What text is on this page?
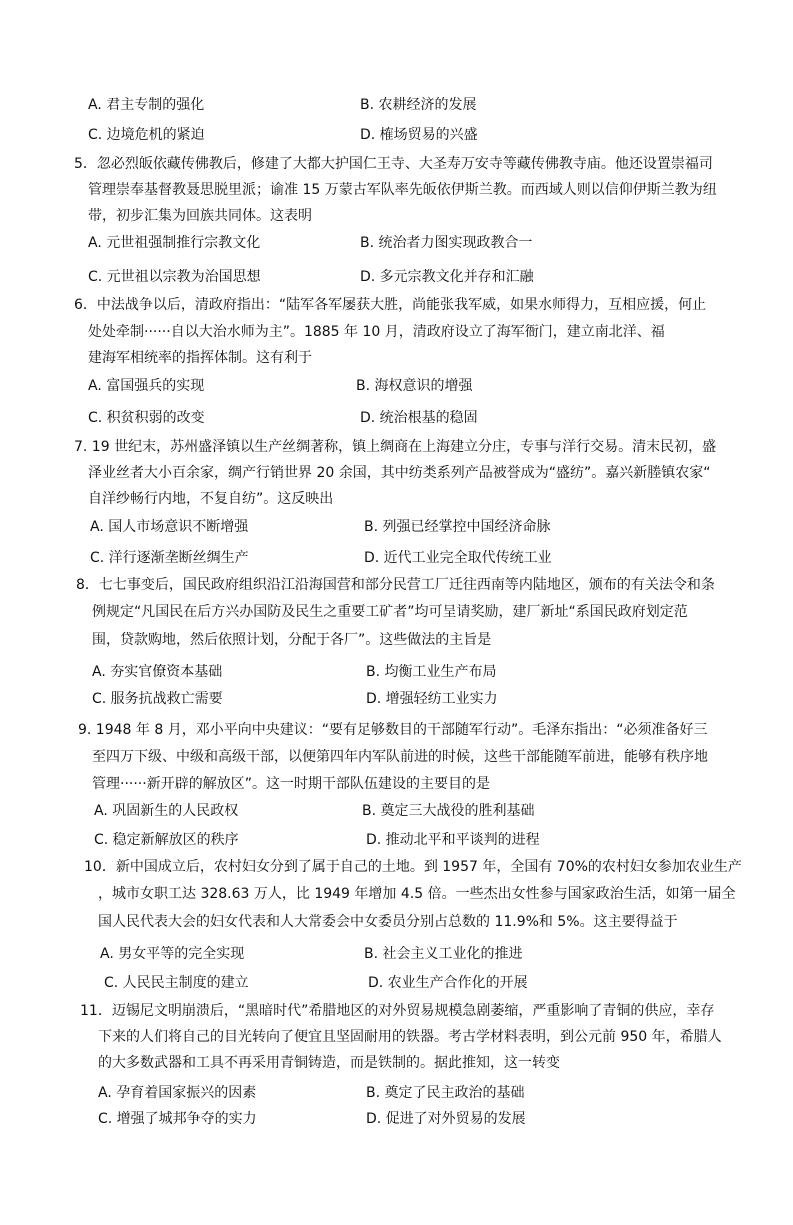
A. 君主专制的强化	B. 农耕经济的发展
C. 边境危机的紧迫	D. 榷场贸易的兴盛
5．忽必烈皈依藏传佛教后，修建了大都大护国仁王寺、大圣寿万安寺等藏传佛教寺庙。他还设置崇福司
管理崇奉基督教聂思脱里派；谕准 15 万蒙古军队率先皈依伊斯兰教。而西域人则以信仰伊斯兰教为纽
带，初步汇集为回族共同体。这表明
A. 元世祖强制推行宗教文化	B. 统治者力图实现政教合一
C. 元世祖以宗教为治国思想	D. 多元宗教文化并存和汇融
6．中法战争以后，清政府指出：“陆军各军屡获大胜，尚能张我军威，如果水师得力，互相应援，何止
处处牵制······自以大治水师为主”。1885 年 10 月，清政府设立了海军衙门，建立南北洋、福
建海军相统率的指挥体制。这有利于
A. 富国强兵的实现	B. 海权意识的增强
C. 积贫积弱的改变	D. 统治根基的稳固
7. 19 世纪末，苏州盛泽镇以生产丝绸著称，镇上绸商在上海建立分庄，专事与洋行交易。清末民初，盛
泽业丝者大小百余家，绸产行销世界 20 余国，其中纺类系列产品被誉成为“盛纺”。嘉兴新塍镇农家“
自洋纱畅行内地，不复自纺”。这反映出
A. 国人市场意识不断增强	B. 列强已经掌控中国经济命脉
C. 洋行逐渐垄断丝绸生产	D. 近代工业完全取代传统工业
8．七七事变后，国民政府组织沿江沿海国营和部分民营工厂迁往西南等内陆地区，颁布的有关法令和条
例规定“凡国民在后方兴办国防及民生之重要工矿者”均可呈请奖励，建厂新址“系国民政府划定范
围，贷款购地，然后依照计划，分配于各厂”。这些做法的主旨是
A. 夯实官僚资本基础	B. 均衡工业生产布局
C. 服务抗战救亡需要	D. 增强轻纺工业实力
9. 1948 年 8 月，邓小平向中央建议：“要有足够数目的干部随军行动”。毛泽东指出：“必须准备好三
至四万下级、中级和高级干部，以便第四年内军队前进的时候，这些干部能随军前进，能够有秩序地
管理······新开辟的解放区”。这一时期干部队伍建设的主要目的是
A. 巩固新生的人民政权	B. 奠定三大战役的胜利基础
C. 稳定新解放区的秩序	D. 推动北平和平谈判的进程
10．新中国成立后，农村妇女分到了属于自己的土地。到 1957 年，全国有 70%的农村妇女参加农业生产
，城市女职工达 328.63 万人，比 1949 年增加 4.5 倍。一些杰出女性参与国家政治生活，如第一届全
国人民代表大会的妇女代表和人大常委会中女委员分别占总数的 11.9%和 5%。这主要得益于
A. 男女平等的完全实现	B. 社会主义工业化的推进
C. 人民民主制度的建立	D. 农业生产合作化的开展
11．迈锡尼文明崩溃后，“黑暗时代”希腊地区的对外贸易规模急剧萎缩，严重影响了青铜的供应，幸存
下来的人们将自己的目光转向了便宜且坚固耐用的铁器。考古学材料表明，到公元前 950 年，希腊人
的大多数武器和工具不再采用青铜铸造，而是铁制的。据此推知，这一转变
A. 孕育着国家振兴的因素	B. 奠定了民主政治的基础
C. 增强了城邦争夺的实力	D. 促进了对外贸易的发展
